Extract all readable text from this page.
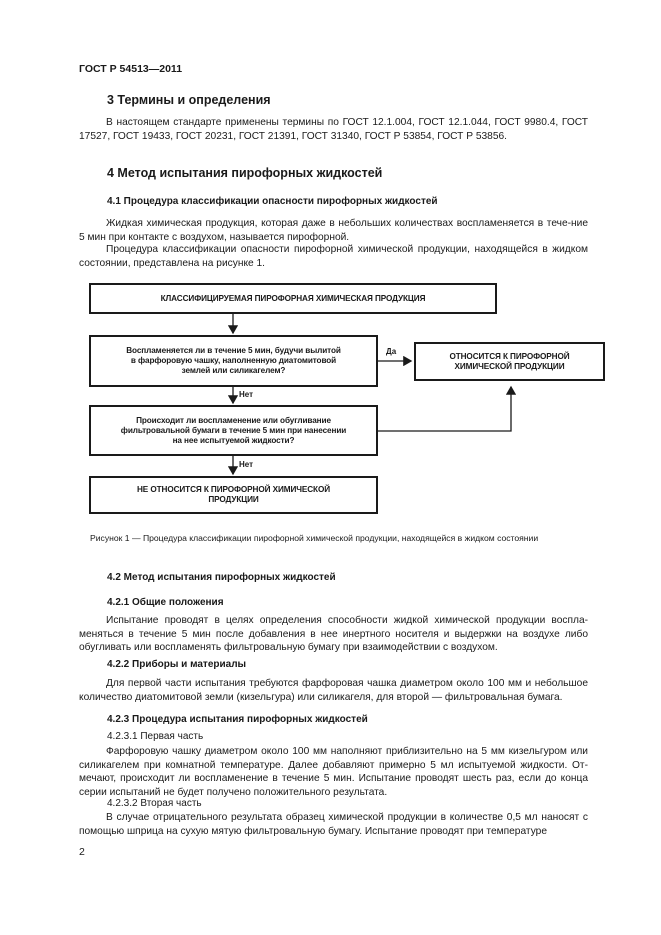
ГОСТ Р 54513—2011
3 Термины и определения
В настоящем стандарте применены термины по ГОСТ 12.1.004, ГОСТ 12.1.044, ГОСТ 9980.4, ГОСТ 17527, ГОСТ 19433, ГОСТ 20231, ГОСТ 21391, ГОСТ 31340, ГОСТ Р 53854, ГОСТ Р 53856.
4 Метод испытания пирофорных жидкостей
4.1 Процедура классификации опасности пирофорных жидкостей
Жидкая химическая продукция, которая даже в небольших количествах воспламеняется в тече-ние 5 мин при контакте с воздухом, называется пирофорной.
Процедура классификации опасности пирофорной химической продукции, находящейся в жидком состоянии, представлена на рисунке 1.
КЛАССИФИЦИРУЕМАЯ ПИРОФОРНАЯ ХИМИЧЕСКАЯ ПРОДУКЦИЯ
Воспламеняется ли в течение 5 мин, будучи вылитой
в фарфоровую чашку, наполненную диатомитовой
землей или силикагелем?
Да	ОТНОСИТСЯ К ПИРОФОРНОЙ
ХИМИЧЕСКОЙ ПРОДУКЦИИ
Нет
Происходит ли воспламенение или обугливание
фильтровальной бумаги в течение 5 мин при нанесении
на нее испытуемой жидкости?
Нет
НЕ ОТНОСИТСЯ К ПИРОФОРНОЙ ХИМИЧЕСКОЙ
ПРОДУКЦИИ
Рисунок 1 — Процедура классификации пирофорной химической продукции, находящейся в жидком состоянии
4.2 Метод испытания пирофорных жидкостей
4.2.1 Общие положения
Испытание проводят в целях определения способности жидкой химической продукции воспла-меняться в течение 5 мин после добавления в нее инертного носителя и выдержки на воздухе либо обугливать или воспламенять фильтровальную бумагу при взаимодействии с воздухом.
4.2.2 Приборы и материалы
Для первой части испытания требуются фарфоровая чашка диаметром около 100 мм и небольшое количество диатомитовой земли (кизельгура) или силикагеля, для второй — фильтровальная бумага.
4.2.3 Процедура испытания пирофорных жидкостей
4.2.3.1 Первая часть
Фарфоровую чашку диаметром около 100 мм наполняют приблизительно на 5 мм кизельгуром или силикагелем при комнатной температуре. Далее добавляют примерно 5 мл испытуемой жидкости. От-мечают, происходит ли воспламенение в течение 5 мин. Испытание проводят шесть раз, если до конца серии испытаний не будет получено положительного результата.
4.2.3.2 Вторая часть
В случае отрицательного результата образец химической продукции в количестве 0,5 мл наносят с помощью шприца на сухую мятую фильтровальную бумагу. Испытание проводят при температуре
2
